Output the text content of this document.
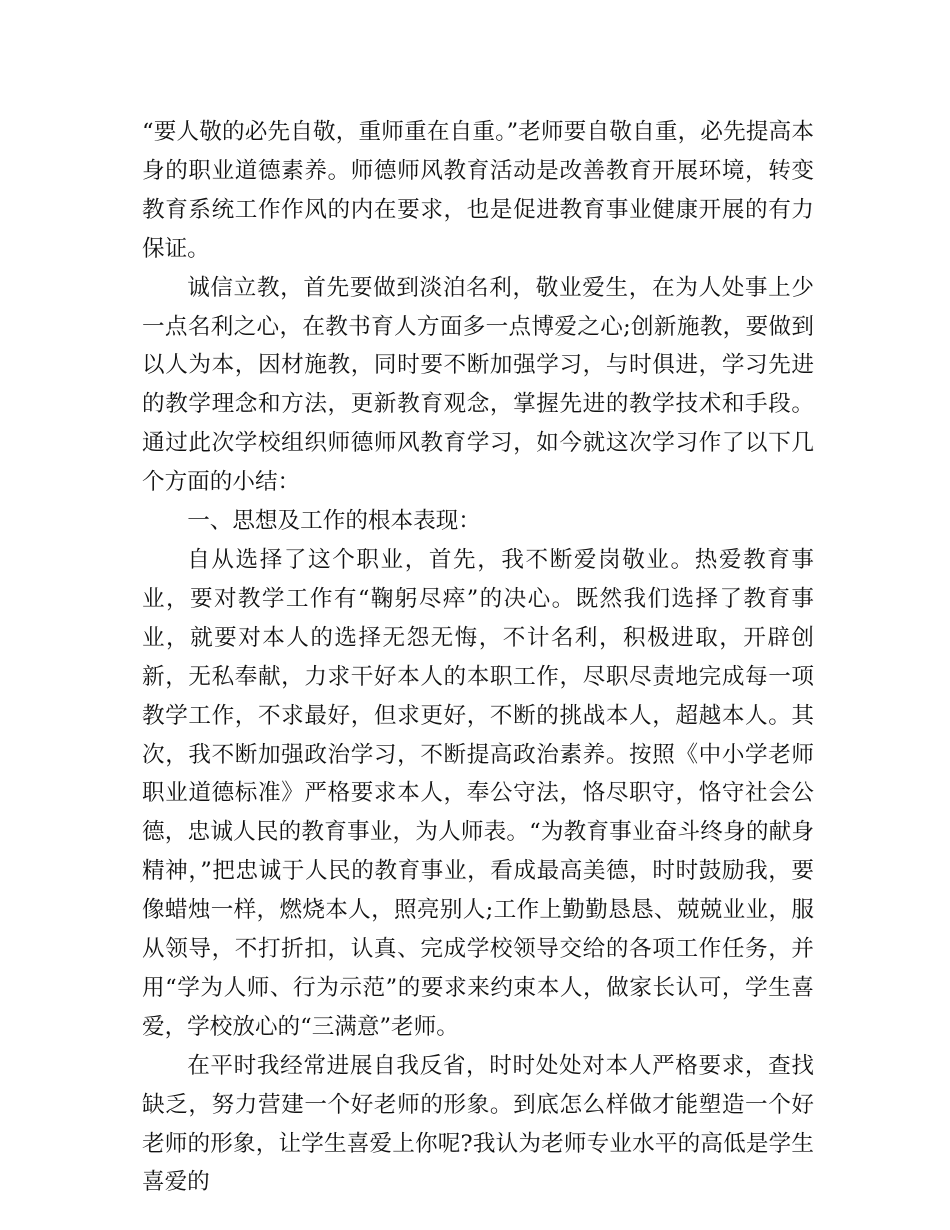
“要人敬的必先自敬，重师重在自重。”老师要自敬自重，必先提高本身的职业道德素养。师德师风教育活动是改善教育开展环境，转变教育系统工作作风的内在要求，也是促进教育事业健康开展的有力保证。

诚信立教，首先要做到淡泊名利，敬业爱生，在为人处事上少一点名利之心，在教书育人方面多一点博爱之心;创新施教，要做到以人为本，因材施教，同时要不断加强学习，与时俱进，学习先进的教学理念和方法，更新教育观念，掌握先进的教学技术和手段。通过此次学校组织师德师风教育学习，如今就这次学习作了以下几个方面的小结：

一、思想及工作的根本表现：

自从选择了这个职业，首先，我不断爱岗敬业。热爱教育事业，要对教学工作有“鞠躬尽瘁”的决心。既然我们选择了教育事业，就要对本人的选择无怨无悔，不计名利，积极进取，开辟创新，无私奉献，力求干好本人的本职工作，尽职尽责地完成每一项教学工作，不求最好，但求更好，不断的挑战本人，超越本人。其次，我不断加强政治学习，不断提高政治素养。按照《中小学老师职业道德标准》严格要求本人，奉公守法，恪尽职守，恪守社会公德，忠诚人民的教育事业，为人师表。“为教育事业奋斗终身的献身精神，”把忠诚于人民的教育事业，看成最高美德，时时鼓励我，要像蜡烛一样，燃烧本人，照亮别人;工作上勤勤恳恳、兢兢业业，服从领导，不打折扣，认真、完成学校领导交给的各项工作任务，并用“学为人师、行为示范”的要求来约束本人，做家长认可，学生喜爱，学校放心的“三满意”老师。

在平时我经常进展自我反省，时时处处对本人严格要求，查找缺乏，努力营建一个好老师的形象。到底怎么样做才能塑造一个好老师的形象，让学生喜爱上你呢?我认为老师专业水平的高低是学生喜爱的
